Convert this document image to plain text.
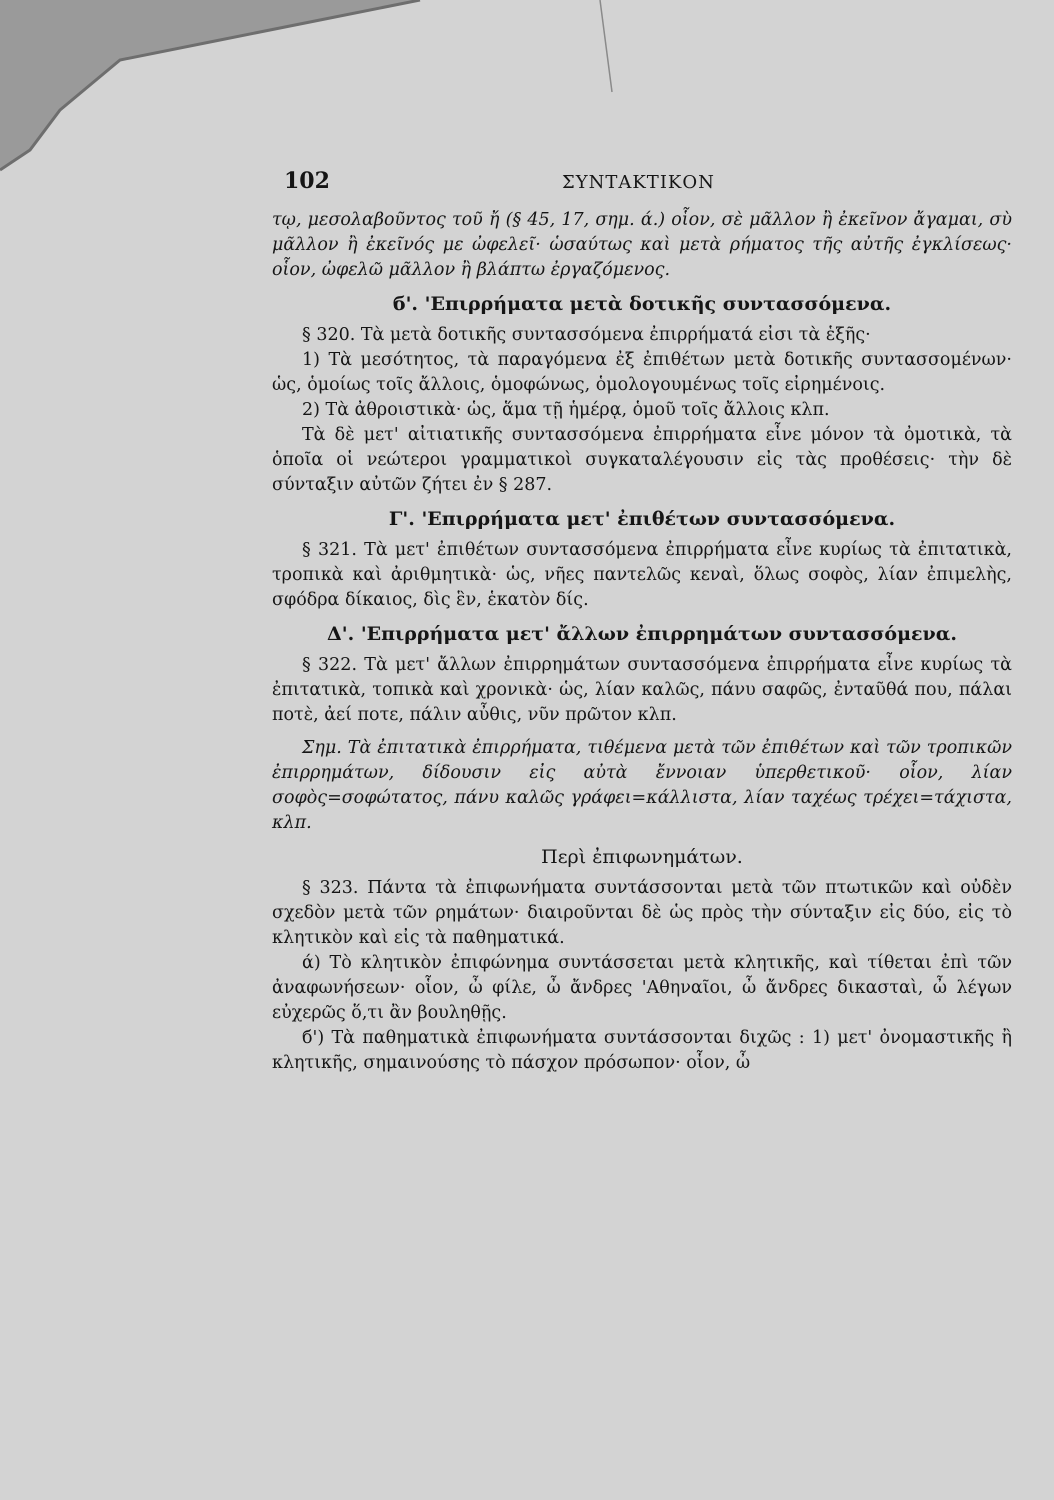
102	ΣΥΝΤΑΚΤΙΚΟΝ

τῳ, μεσολαβοῦντος τοῦ ἤ (§ 45, 17, σημ. ά.) οἷον, σὲ μᾶλλον ἢ ἐκεῖνον ἄγαμαι, σὺ μᾶλλον ἢ ἐκεῖνός με ὠφελεῖ· ὡσαύτως καὶ μετὰ ρήματος τῆς αὐτῆς ἐγκλίσεως· οἷον, ὠφελῶ μᾶλλον ἢ βλάπτω ἐργαζόμενος.

б'. 'Επιρρήματα μετὰ δοτικῆς συντασσόμενα.

§ 320. Τὰ μετὰ δοτικῆς συντασσόμενα ἐπιρρήματά εἰσι τὰ ἑξῆς·

1) Τὰ μεσότητος, τὰ παραγόμενα ἐξ ἐπιθέτων μετὰ δοτικῆς συντασσομένων· ὡς, ὁμοίως τοῖς ἄλλοις, ὁμοφώνως, ὁμολογουμένως τοῖς εἰρημένοις.

2) Τὰ ἀθροιστικὰ· ὡς, ἅμα τῇ ἡμέρᾳ, ὁμοῦ τοῖς ἄλλοις κλπ.

Τὰ δὲ μετ' αἰτιατικῆς συντασσόμενα ἐπιρρήματα εἶνε μόνον τὰ ὀμοτικὰ, τὰ ὁποῖα οἱ νεώτεροι γραμματικοὶ συγκαταλέγουσιν εἰς τὰς προθέσεις· τὴν δὲ σύνταξιν αὐτῶν ζήτει ἐν § 287.

Γ'. 'Επιρρήματα μετ' ἐπιθέτων συντασσόμενα.

§ 321. Τὰ μετ' ἐπιθέτων συντασσόμενα ἐπιρρήματα εἶνε κυρίως τὰ ἐπιτατικὰ, τροπικὰ καὶ ἀριθμητικὰ· ὡς, νῆες παντελῶς κεναὶ, ὅλως σοφὸς, λίαν ἐπιμελὴς, σφόδρα δίκαιος, δὶς ἓν, ἑκατὸν δίς.

Δ'. 'Επιρρήματα μετ' ἄλλων ἐπιρρημάτων συντασσόμενα.

§ 322. Τὰ μετ' ἄλλων ἐπιρρημάτων συντασσόμενα ἐπιρρήματα εἶνε κυρίως τὰ ἐπιτατικὰ, τοπικὰ καὶ χρονικὰ· ὡς, λίαν καλῶς, πάνυ σαφῶς, ἐνταῦθά που, πάλαι ποτὲ, ἀεί ποτε, πάλιν αὖθις, νῦν πρῶτον κλπ.

Σημ. Τὰ ἐπιτατικὰ ἐπιρρήματα, τιθέμενα μετὰ τῶν ἐπιθέτων καὶ τῶν τροπικῶν ἐπιρρημάτων, δίδουσιν εἰς αὐτὰ ἔννοιαν ὑπερθετικοῦ· οἷον, λίαν σοφὸς=σοφώτατος, πάνυ καλῶς γράφει=κάλλιστα, λίαν ταχέως τρέχει=τάχιστα, κλπ.

Περὶ ἐπιφωνημάτων.

§ 323. Πάντα τὰ ἐπιφωνήματα συντάσσονται μετὰ τῶν πτωτικῶν καὶ οὐδὲν σχεδὸν μετὰ τῶν ρημάτων· διαιροῦνται δὲ ὡς πρὸς τὴν σύνταξιν εἰς δύο, εἰς τὸ κλητικὸν καὶ εἰς τὰ παθηματικά.

ά) Τὸ κλητικὸν ἐπιφώνημα συντάσσεται μετὰ κλητικῆς, καὶ τίθεται ἐπὶ τῶν ἀναφωνήσεων· οἷον, ὦ φίλε, ὦ ἄνδρες 'Αθηναῖοι, ὦ ἄνδρες δικασταὶ, ὦ λέγων εὐχερῶς ὅ,τι ἂν βουληθῇς.

б') Τὰ παθηματικὰ ἐπιφωνήματα συντάσσονται διχῶς : 1) μετ' ὀνομαστικῆς ἢ κλητικῆς, σημαινούσης τὸ πάσχον πρόσωπον· οἷον, ὦ
